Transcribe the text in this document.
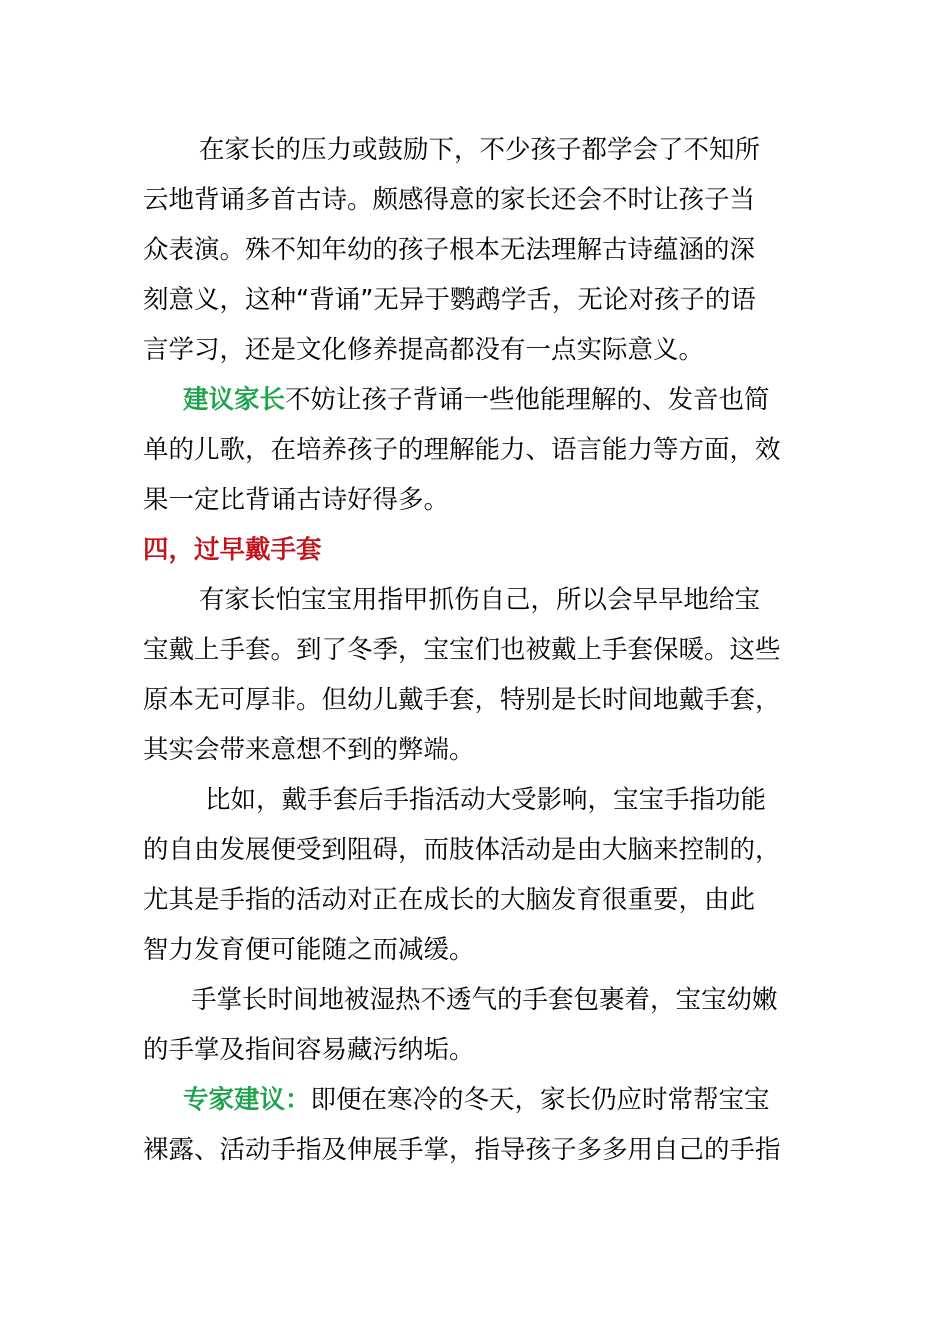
在家长的压力或鼓励下，不少孩子都学会了不知所
云地背诵多首古诗。颇感得意的家长还会不时让孩子当
众表演。殊不知年幼的孩子根本无法理解古诗蕴涵的深
刻意义，这种“背诵”无异于鹦鹉学舌，无论对孩子的语
言学习，还是文化修养提高都没有一点实际意义。
建议家长不妨让孩子背诵一些他能理解的、发音也简
单的儿歌，在培养孩子的理解能力、语言能力等方面，效
果一定比背诵古诗好得多。
四，过早戴手套
有家长怕宝宝用指甲抓伤自己，所以会早早地给宝
宝戴上手套。到了冬季，宝宝们也被戴上手套保暖。这些
原本无可厚非。但幼儿戴手套，特别是长时间地戴手套，
其实会带来意想不到的弊端。
比如，戴手套后手指活动大受影响，宝宝手指功能
的自由发展便受到阻碍，而肢体活动是由大脑来控制的，
尤其是手指的活动对正在成长的大脑发育很重要，由此
智力发育便可能随之而减缓。
手掌长时间地被湿热不透气的手套包裹着，宝宝幼嫩
的手掌及指间容易藏污纳垢。
专家建议：即便在寒冷的冬天，家长仍应时常帮宝宝
裸露、活动手指及伸展手掌，指导孩子多多用自己的手指
